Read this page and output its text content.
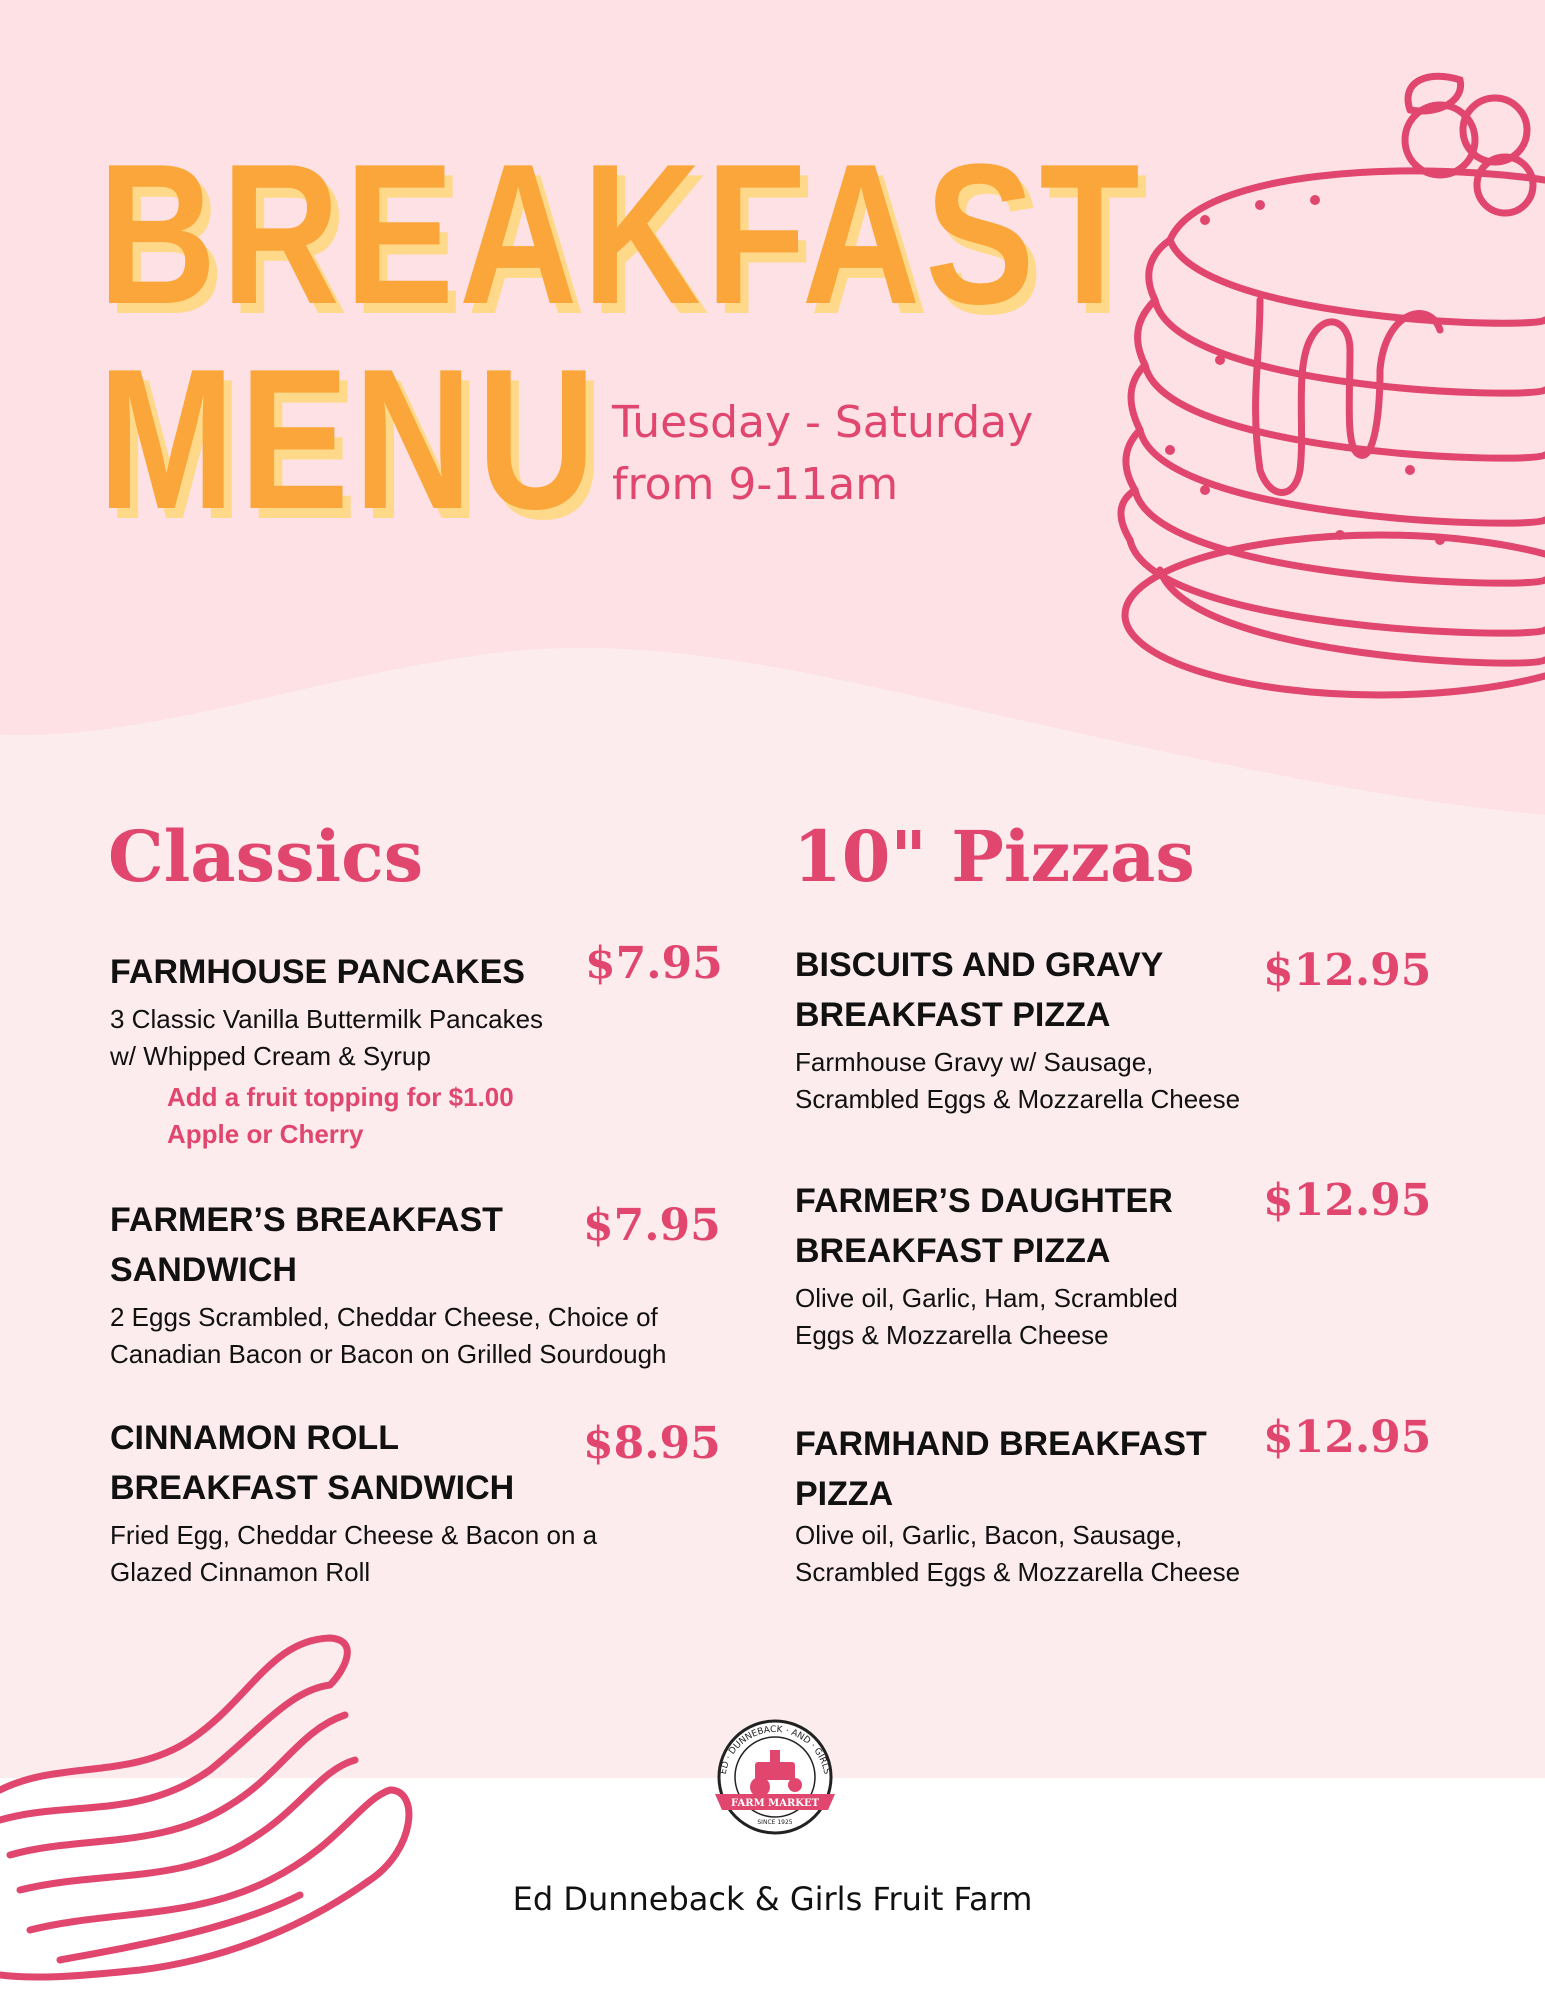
BREAKFAST
MENU Tuesday - Saturday
from 9-11am
Classics
FARMHOUSE PANCAKES
3 Classic Vanilla Buttermilk Pancakes
w/ Whipped Cream & Syrup
Add a fruit topping for $1.00
Apple or Cherry
$7.95
FARMER’S BREAKFAST
SANDWICH
2 Eggs Scrambled, Cheddar Cheese, Choice of
Canadian Bacon or Bacon on Grilled Sourdough
$7.95
CINNAMON ROLL
BREAKFAST SANDWICH
Fried Egg, Cheddar Cheese & Bacon on a
Glazed Cinnamon Roll
$8.95
10" Pizzas
BISCUITS AND GRAVY
BREAKFAST PIZZA
Farmhouse Gravy w/ Sausage,
Scrambled Eggs & Mozzarella Cheese
$12.95
FARMER’S DAUGHTER
BREAKFAST PIZZA
Olive oil, Garlic, Ham, Scrambled
Eggs & Mozzarella Cheese
$12.95
FARMHAND BREAKFAST
PIZZA
Olive oil, Garlic, Bacon, Sausage,
Scrambled Eggs & Mozzarella Cheese
$12.95
ED · DUNNEBACK · AND · GIRLS
FARM MARKET
SINCE 1925
Ed Dunneback & Girls Fruit Farm
